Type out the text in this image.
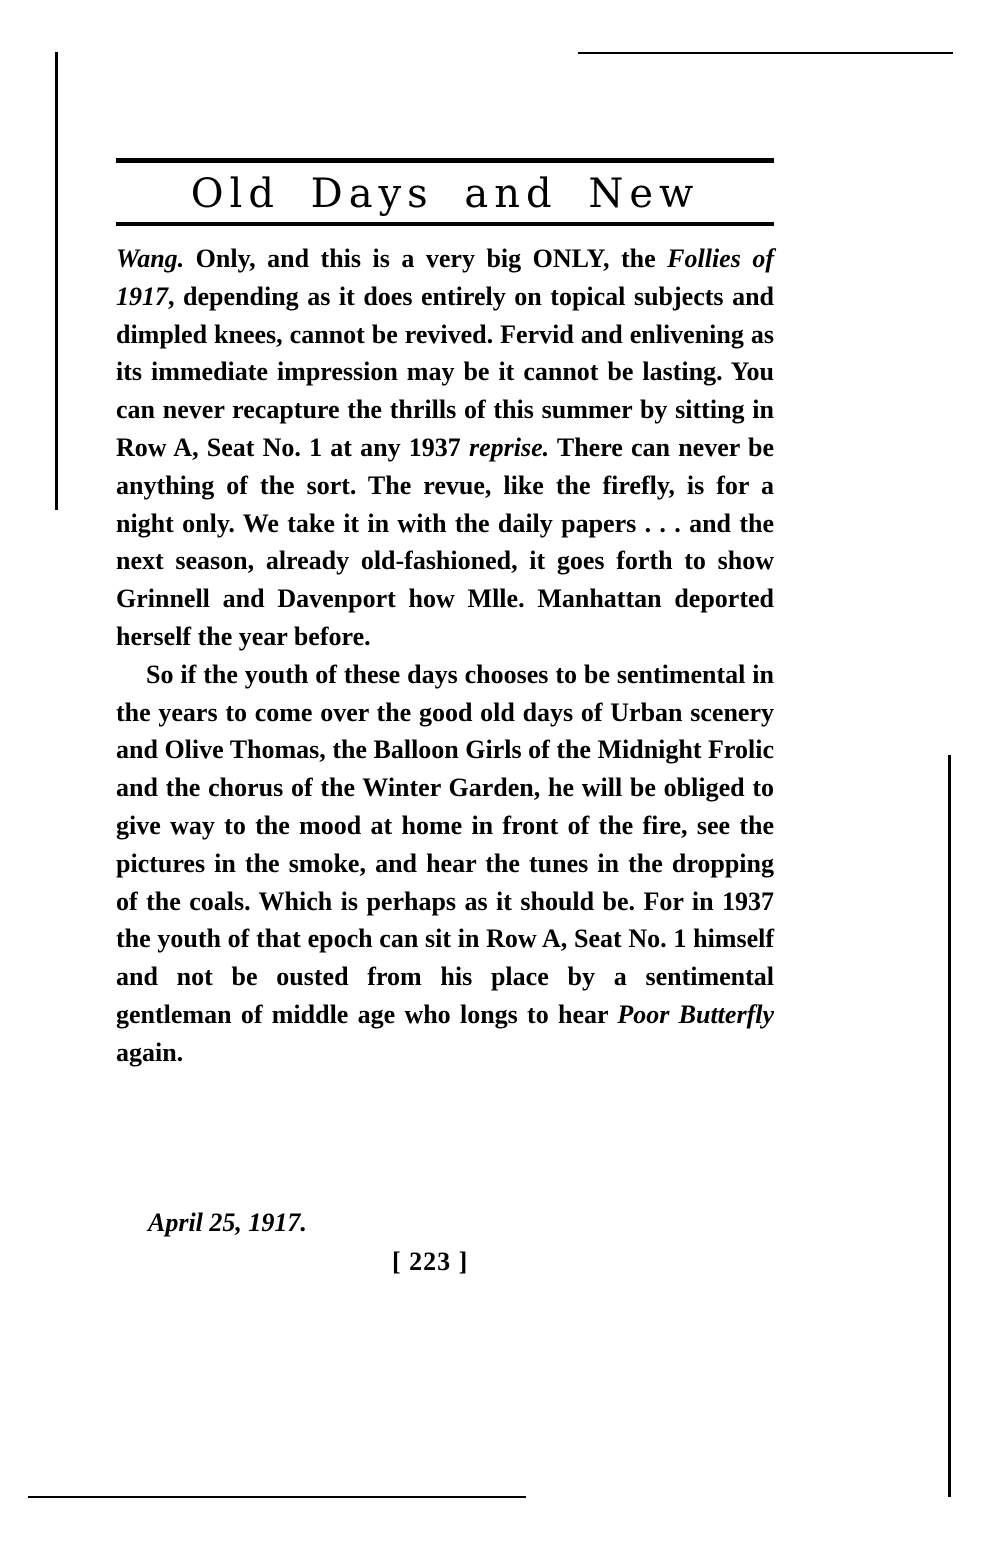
Old Days and New

Wang. Only, and this is a very big ONLY, the Follies of 1917, depending as it does entirely on topical subjects and dimpled knees, cannot be revived. Fervid and enlivening as its immediate impression may be it cannot be lasting. You can never recapture the thrills of this summer by sitting in Row A, Seat No. 1 at any 1937 reprise. There can never be anything of the sort. The revue, like the firefly, is for a night only. We take it in with the daily papers . . . and the next season, already old-fashioned, it goes forth to show Grinnell and Davenport how Mlle. Manhattan deported herself the year before.

So if the youth of these days chooses to be sentimental in the years to come over the good old days of Urban scenery and Olive Thomas, the Balloon Girls of the Midnight Frolic and the chorus of the Winter Garden, he will be obliged to give way to the mood at home in front of the fire, see the pictures in the smoke, and hear the tunes in the dropping of the coals. Which is perhaps as it should be. For in 1937 the youth of that epoch can sit in Row A, Seat No. 1 himself and not be ousted from his place by a sentimental gentleman of middle age who longs to hear Poor Butterfly again.

April 25, 1917.

[ 223 ]
